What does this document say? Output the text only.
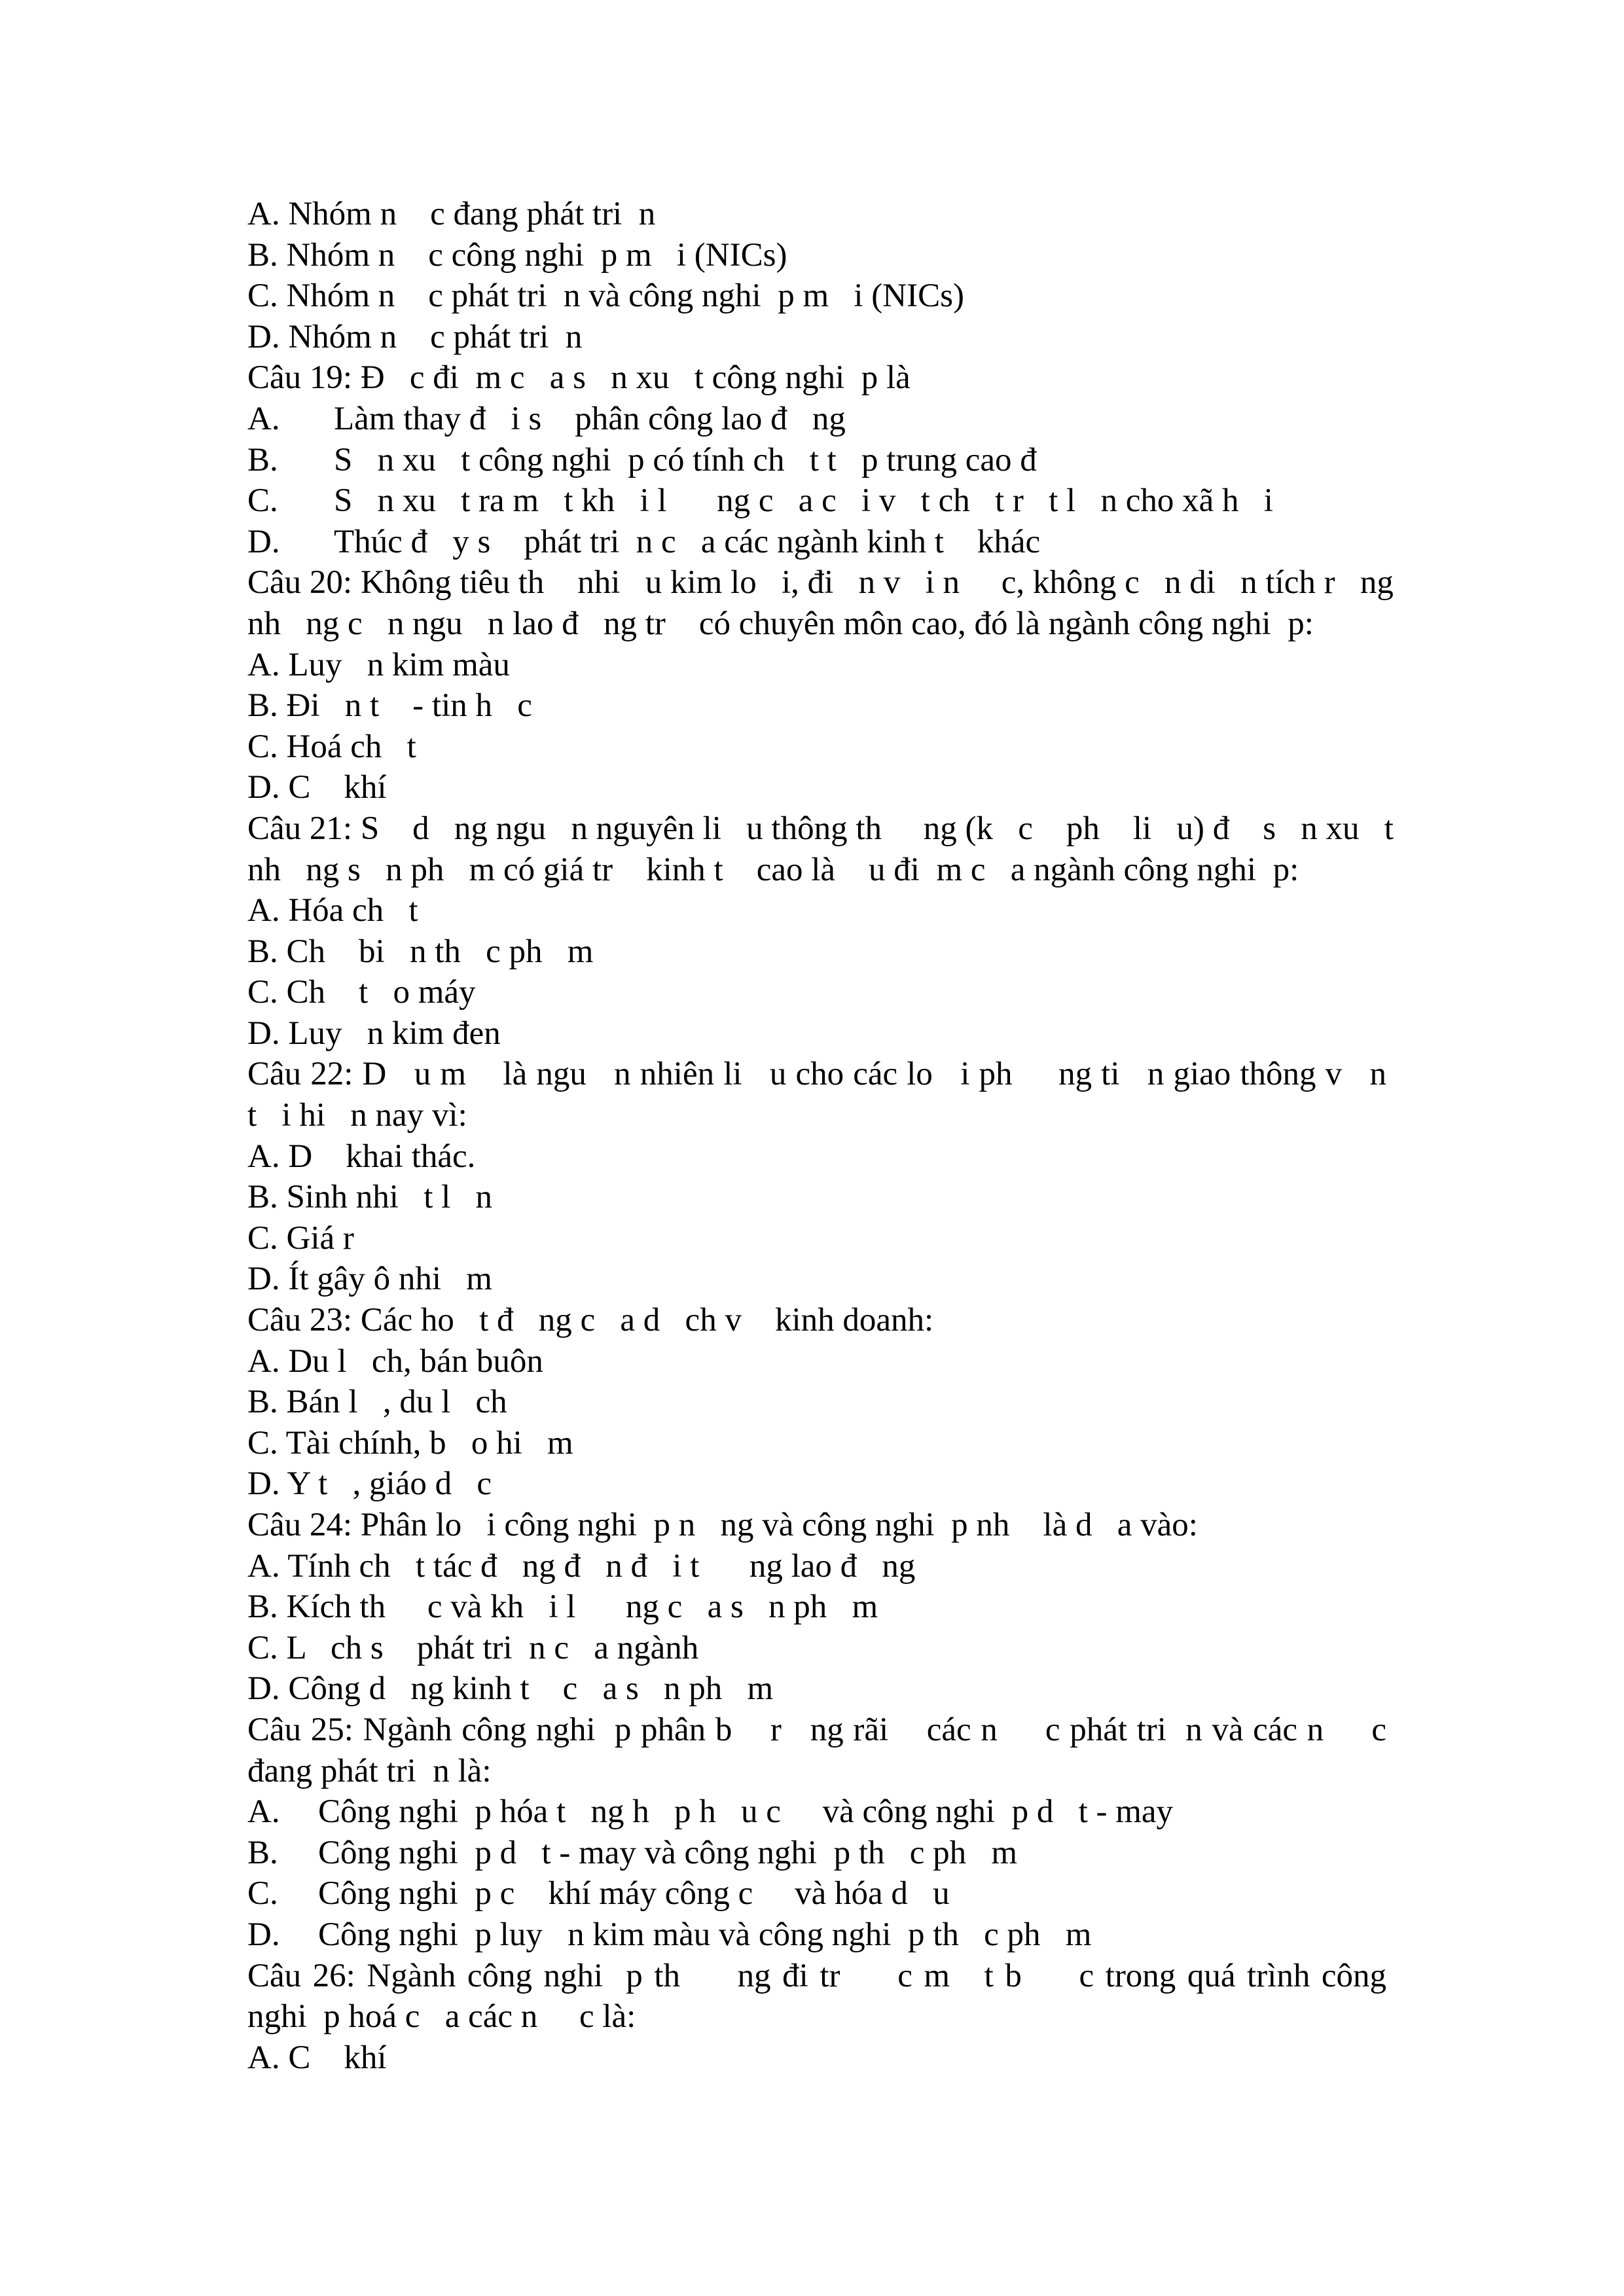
A. Nhóm n    c đang phát tri  n
B. Nhóm n    c công nghi  p m   i (NICs)
C. Nhóm n    c phát tri  n và công nghi  p m   i (NICs)
D. Nhóm n    c phát tri  n
Câu 19: Đ   c đi  m c   a s   n xu   t công nghi  p là
A.	Làm thay đ   i s    phân công lao đ   ng
B.	S   n xu   t công nghi  p có tính ch   t t   p trung cao đ
C.	S   n xu   t ra m   t kh   i l      ng c   a c   i v   t ch   t r   t l   n cho xã h   i
D.	Thúc đ   y s    phát tri  n c   a các ngành kinh t    khác
Câu 20: Không tiêu th    nhi   u kim lo   i, đi   n v   i n     c, không c   n di   n tích r   ng
nh   ng c   n ngu   n lao đ   ng tr    có chuyên môn cao, đó là ngành công nghi  p:
A. Luy   n kim màu
B. Đi   n t    - tin h   c
C. Hoá ch   t
D. C    khí
Câu 21: S    d   ng ngu   n nguyên li   u thông th     ng (k   c    ph    li   u) đ    s   n xu   t
nh   ng s   n ph   m có giá tr    kinh t    cao là    u đi  m c   a ngành công nghi  p:
A. Hóa ch   t
B. Ch    bi   n th   c ph   m
C. Ch    t   o máy
D. Luy   n kim đen
Câu 22: D   u m    là ngu   n nhiên li   u cho các lo   i ph     ng ti   n giao thông v   n
t   i hi   n nay vì:
A. D    khai thác.
B. Sinh nhi   t l   n
C. Giá r
D. Ít gây ô nhi   m
Câu 23: Các ho   t đ   ng c   a d   ch v    kinh doanh:
A. Du l   ch, bán buôn
B. Bán l   , du l   ch
C. Tài chính, b   o hi   m
D. Y t   , giáo d   c
Câu 24: Phân lo   i công nghi  p n   ng và công nghi  p nh    là d   a vào:
A. Tính ch   t tác đ   ng đ   n đ   i t      ng lao đ   ng
B. Kích th     c và kh   i l      ng c   a s   n ph   m
C. L   ch s    phát tri  n c   a ngành
D. Công d   ng kinh t    c   a s   n ph   m
Câu 25: Ngành công nghi  p phân b    r   ng rãi    các n     c phát tri  n và các n     c
đang phát tri  n là:
A.	Công nghi  p hóa t   ng h   p h   u c     và công nghi  p d   t - may
B.	Công nghi  p d   t - may và công nghi  p th   c ph   m
C.	Công nghi  p c    khí máy công c     và hóa d   u
D.	Công nghi  p luy   n kim màu và công nghi  p th   c ph   m
Câu 26: Ngành công nghi  p th     ng đi tr     c m   t b     c trong quá trình công
nghi  p hoá c   a các n     c là:
A. C    khí
